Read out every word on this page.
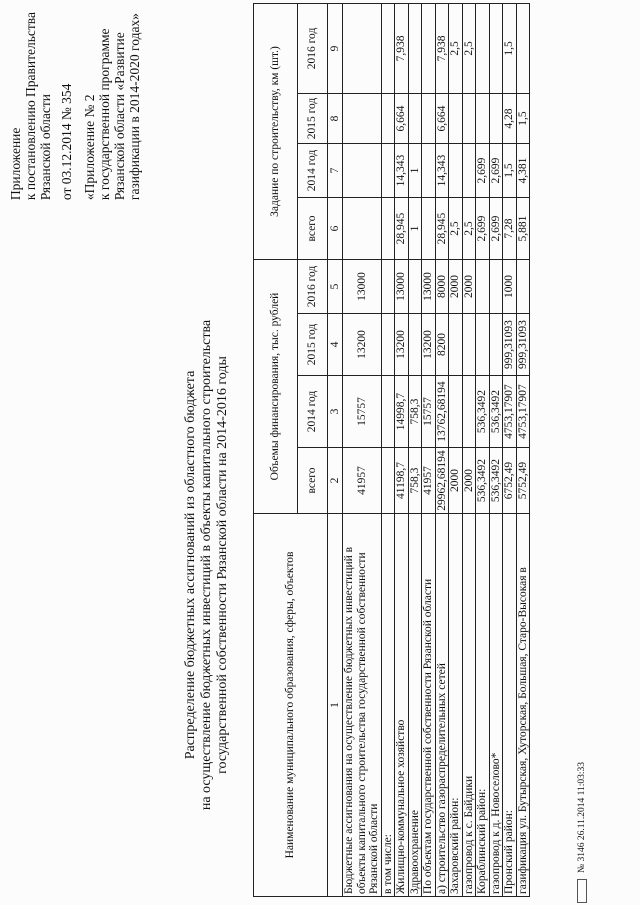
Приложение к постановлению Правительства Рязанской области от 03.12.2014 № 354 «Приложение № 2 к государственной программе Рязанской области «Развитие газификации в 2014-2020 годах»
Распределение бюджетных ассигнований из областного бюджета на осуществление бюджетных инвестиций в объекты капитального строительства государственной собственности Рязанской области на 2014-2016 годы	Наименование муниципального образования, сферы, объектов	Объемы финансирования, тыс. рублей				Задание по строительству, км (шт.)			
	всего	2014 год	2015 год	2016 год	всего	2014 год	2015 год	2016 год
1	2	3	4	5	6	7	8	9
Бюджетные ассигнования на осуществление бюджетных инвестиций в объекты капитального строительства государственной собственности Рязанской области	41957	15757	13200	13000				
в том числе:								
Жилищно-коммунальное хозяйство	41198,7	14998,7	13200	13000	28,945	14,343	6,664	7,938
Здравоохранение	758,3	758,3			1	1		
По объектам государственной собственности Рязанской области	41957	15757	13200	13000				
а) строительство газораспределительных сетей	29962,68194	13762,68194	8200	8000	28,945	14,343	6,664	7,938
Захаровский район:	2000			2000	2,5			2,5
газопровод к с. Байдики	2000			2000	2,5			2,5
Кораблинский район:	536,3492	536,3492			2,699	2,699		
газопровод к д. Новоселово*	536,3492	536,3492			2,699	2,699		
Пронский район:	6752,49	4753,17907	999,31093	1000	7,28	1,5	4,28	1,5
газификация ул. Бутырская, Хуторская, Большая, Старо-Высокая в	5752,49	4753,17907	999,31093		5,881	4,381	1,5	
№ 3146 26.11.2014 11:03:33
